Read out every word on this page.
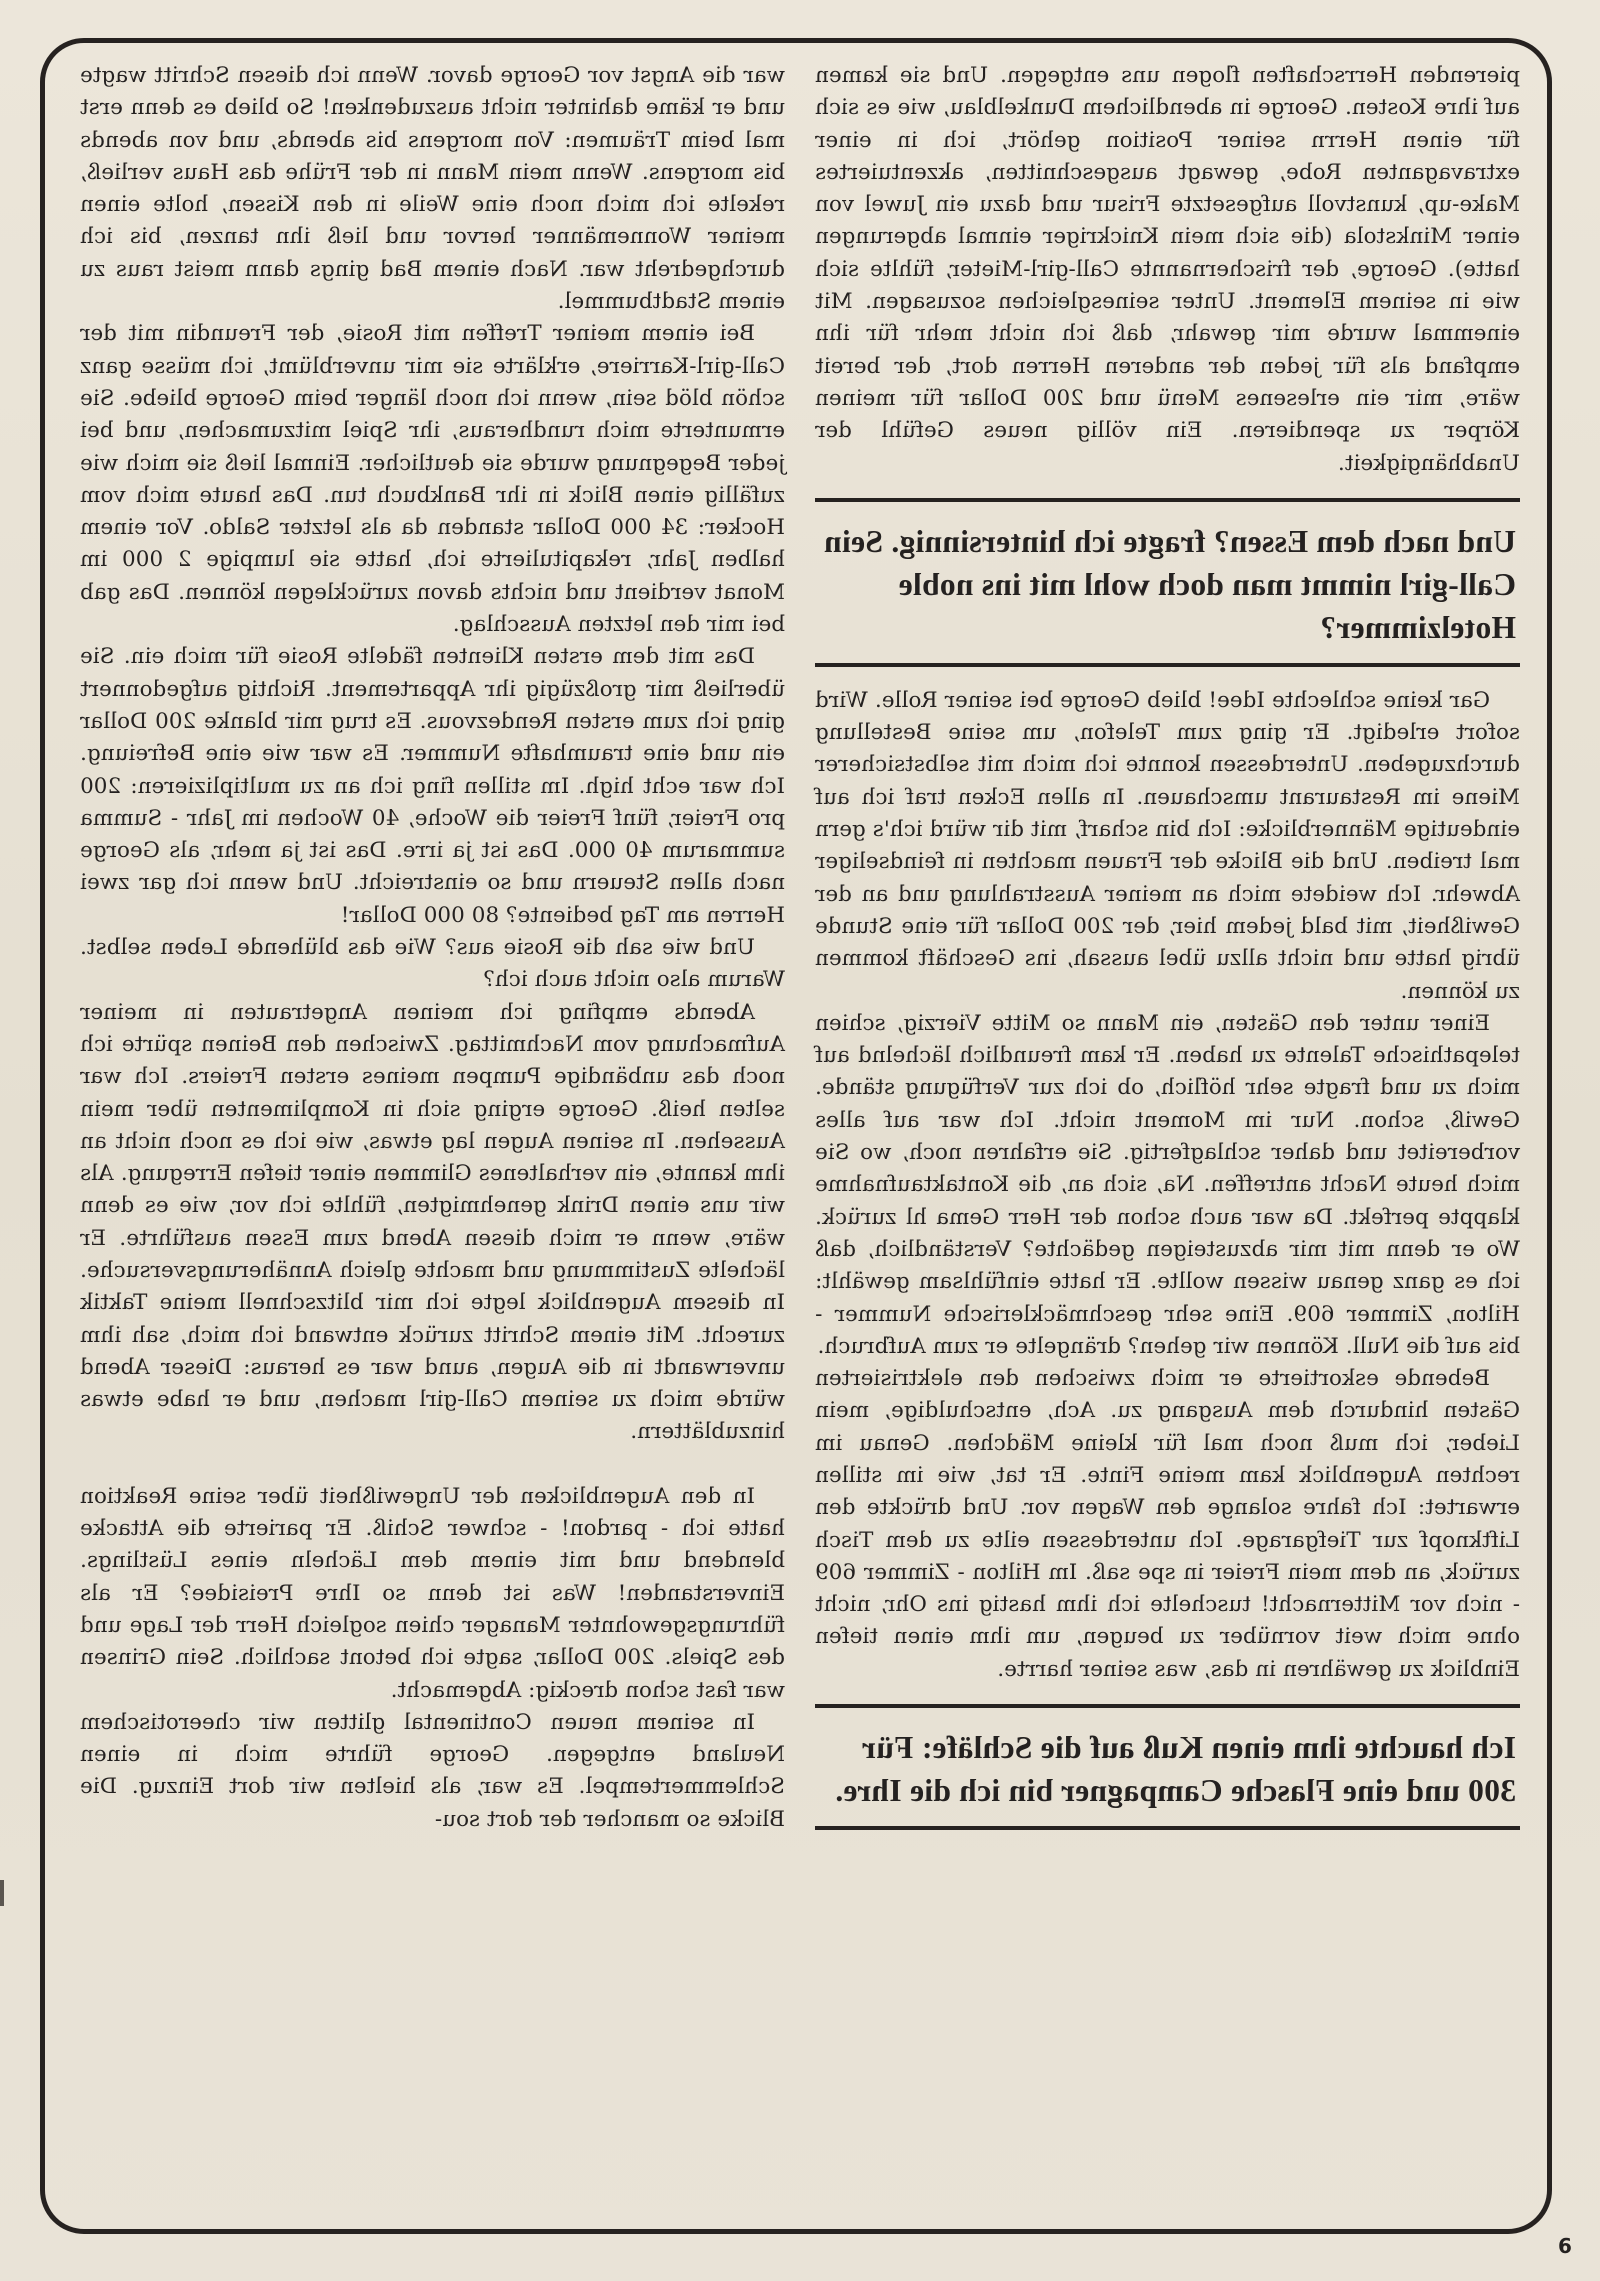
war die Angst vor George davor. Wenn ich diesen Schritt wagte und er käme dahinter nicht auszudenken! So blieb es denn erst mal beim Träumen: Von morgens bis abends, und von abends bis morgens. Wenn mein Mann in der Frühe das Haus verließ, rekelte ich mich noch eine Weile in den Kissen, holte einen meiner Wonnemänner hervor und ließ ihn tanzen, bis ich durchgedreht war. Nach einem Bad gings dann meist raus zu einem Stadtbummel.

Bei einem meiner Treffen mit Rosie, der Freundin mit der Call-girl-Karriere, erklärte sie mir unverblümt, ich müsse ganz schön blöd sein, wenn ich noch länger beim George bliebe. Sie ermunterte mich rundheraus, ihr Spiel mitzumachen, und bei jeder Begegnung wurde sie deutlicher. Einmal ließ sie mich wie zufällig einen Blick in ihr Bankbuch tun. Das haute mich vom Hocker: 34 000 Dollar standen da als letzter Saldo. Vor einem halben Jahr, rekapitulierte ich, hatte sie lumpige 2 000 im Monat verdient und nichts davon zurücklegen können. Das gab bei mir den letzten Ausschlag.

Das mit dem ersten Klienten fädelte Rosie für mich ein. Sie überließ mir großzügig ihr Appartement. Richtig aufgedonnert ging ich zum ersten Rendezvous. Es trug mir blanke 200 Dollar ein und eine traumhafte Nummer. Es war wie eine Befreiung. Ich war echt high. Im stillen fing ich an zu multiplizieren: 200 pro Freier, fünf Freier die Woche, 40 Wochen im Jahr - Summa summarum 40 000. Das ist ja irre. Das ist ja mehr, als George nach allen Steuern und so einstreicht. Und wenn ich gar zwei Herren am Tag bediente? 80 000 Dollar!

Und wie sah die Rosie aus? Wie das blühende Leben selbst. Warum also nicht auch ich?

Abends empfing ich meinen Angetrauten in meiner Aufmachung vom Nachmittag. Zwischen den Beinen spürte ich noch das unbändige Pumpen meines ersten Freiers. Ich war selten heiß. George erging sich in Komplimenten über mein Aussehen. In seinen Augen lag etwas, wie ich es noch nicht an ihm kannte, ein verhaltenes Glimmen einer tiefen Erregung. Als wir uns einen Drink genehmigten, fühlte ich vor, wie es denn wäre, wenn er mich diesen Abend zum Essen ausführte. Er lächelte Zustimmung und machte gleich Annäherungsversuche. In diesem Augenblick legte ich mir blitzschnell meine Taktik zurecht. Mit einem Schritt zurück entwand ich mich, sah ihm unverwandt in die Augen, aund war es heraus: Dieser Abend würde mich zu seinem Call-girl machen, und er habe etwas hinzublättern.

In den Augenblicken der Ungewißheit über seine Reaktion hatte ich - pardon! - schwer Schiß. Er parierte die Attacke blendend und mit einem dem Lächeln eines Lüstlings. Einverstanden! Was ist denn so Ihre Preisidee? Er als führungsgewohnter Manager chien sogleich Herr der Lage und des Spiels. 200 Dollar, sagte ich betont sachlich. Sein Grinsen war fast schon dreckig: Abgemacht.

In seinem neuen Continental glitten wir cheerotischem Neuland entgegen. George führte mich in einen Schlemmertempel. Es war, als hielten wir dort Einzug. Die Blicke so mancher der dort sou-

pierenden Herrschaften flogen uns entgegen. Und sie kamen auf ihre Kosten. George in abendlichem Dunkelblau, wie es sich für einen Herrn seiner Position gehört, ich in einer extravaganten Robe, gewagt ausgeschnitten, akzentuiertes Make-up, kunstvoll aufgesetzte Frisur und dazu ein Juwel von einer Minkstola (die sich mein Knickriger einmal abgerungen hatte). George, der frischernannte Call-girl-Mieter, fühlte sich wie in seinem Element. Unter seinesgleichen sozusagen. Mit einemmal wurde mir gewahr, daß ich nicht mehr für ihn empfand als für jeden der anderen Herren dort, der bereit wäre, mir ein erlesenes Menü und 200 Dollar für meinen Körper zu spendieren. Ein völlig neues Gefühl der Unabhängigkeit.

Und nach dem Essen? fragte ich hintersinnig. Sein Call-girl nimmt man doch wohl mit ins noble Hotelzimmer?

Gar keine schlechte Idee! blieb George bei seiner Rolle. Wird sofort erledigt. Er ging zum Telefon, um seine Bestellung durchzugeben. Unterdessen konnte ich mich mit selbstsicherer Miene im Restaurant umschauen. In allen Ecken traf ich auf eindeutige Männerblicke: Ich bin scharf, mit dir würd ich's gern mal treiben. Und die Blicke der Frauen machten in feindseliger Abwehr. Ich weidete mich an meiner Ausstrahlung und an der Gewißheit, mit bald jedem hier, der 200 Dollar für eine Stunde übrig hatte und nicht allzu übel aussah, ins Geschäft kommen zu können.

Einer unter den Gästen, ein Mann so Mitte Vierzig, schien telepathische Talente zu haben. Er kam freundlich lächelnd auf mich zu und fragte sehr höflich, ob ich zur Verfügung stände. Gewiß, schon. Nur im Moment nicht. Ich war auf alles vorbereitet und daher schlagfertig. Sie erfahren noch, wo Sie mich heute Nacht antreffen. Na, sich an, die Kontaktaufnahme klappte perfekt. Da war auch schon der Herr Gema hl zurück. Wo er denn mit mir abzusteigen gedächte? Verständlich, daß ich es ganz genau wissen wollte. Er hatte einfühlsam gewählt: Hilton, Zimmer 609. Eine sehr geschmäcklerische Nummer - bis auf die Null. Können wir gehen? drängelte er zum Aufbruch.

Bebende eskortierte er mich zwischen den elektrisierten Gästen hindurch dem Ausgang zu. Ach, entschuldige, mein Lieber, ich muß noch mal für kleine Mädchen. Genau im rechten Augenblick kam meine Finte. Er tat, wie im stillen erwartet: Ich fahre solange den Wagen vor. Und drückte den Liftknopf zur Tiefgarage. Ich unterdessen eilte zu dem Tisch zurück, an dem mein Freier in spe saß. Im Hilton - Zimmer 609 - nich vor Mitternacht! tuschelte ich ihm hastig ins Ohr, nicht ohne mich weit vornüber zu beugen, um ihm einen tiefen Einblick zu gewähren in das, was seiner harrte.

Ich hauchte ihm einen Kuß auf die Schläfe: Für 300 und eine Flasche Campagner bin ich die Ihre.
6
